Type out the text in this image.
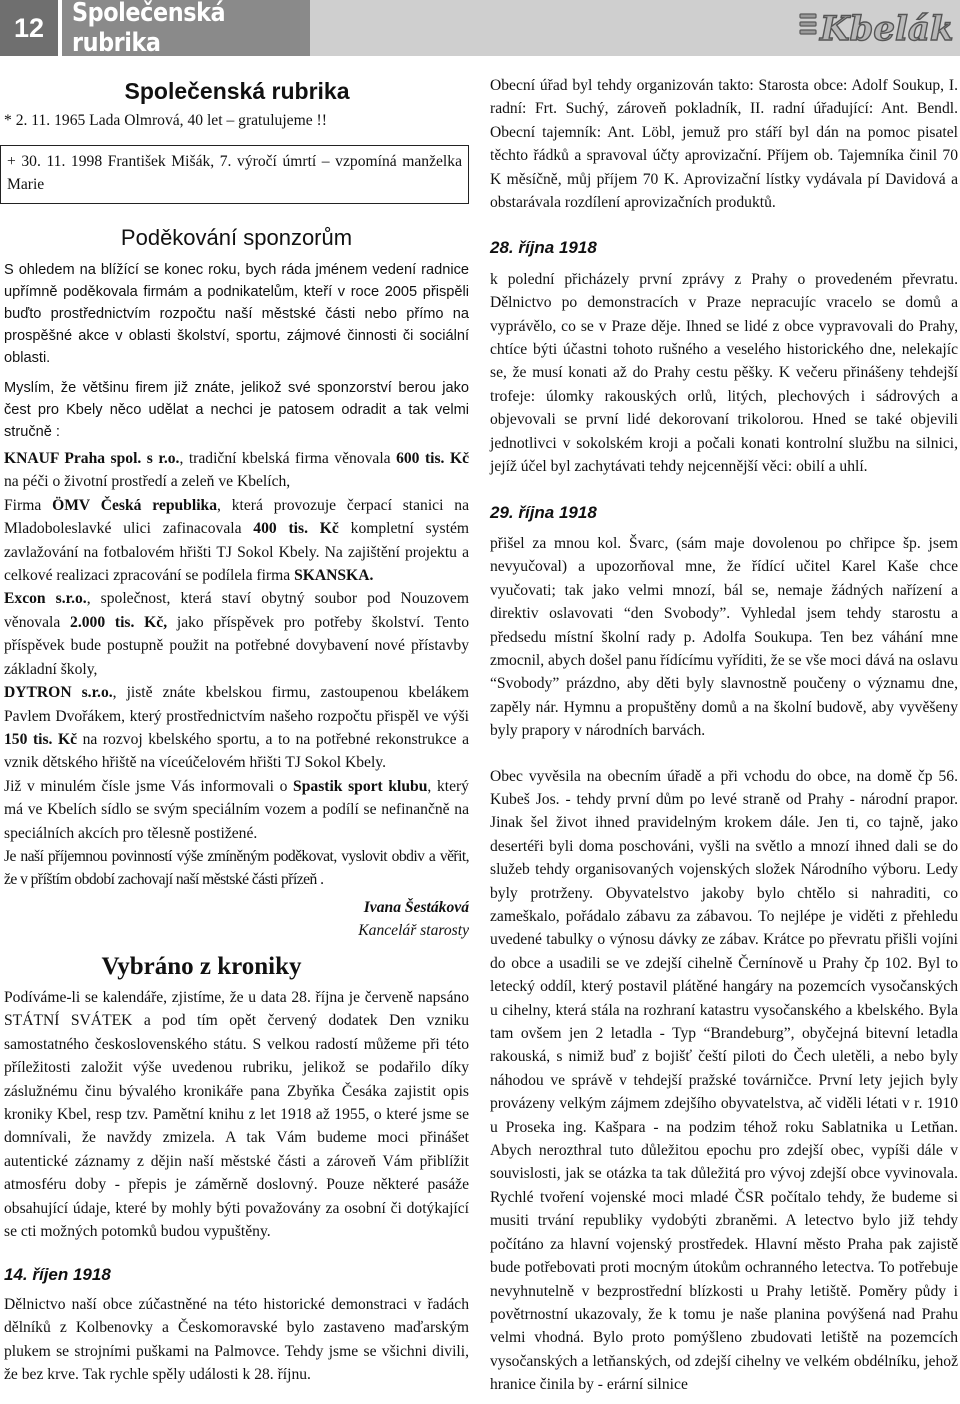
12	Společenská rubrika	Kbelák
Společenská rubrika

* 2. 11. 1965 Lada Olmrová, 40 let – gratulujeme !!

+ 30. 11. 1998 František Mišák, 7. výročí úmrtí – vzpomíná manželka Marie

Poděkování sponzorům

S ohledem na blížící se konec roku, bych ráda jménem vedení radnice upřímně poděkovala firmám a podnikatelům, kteří v roce 2005 přispěli buďto prostřednictvím rozpočtu naší městské části nebo přímo na prospěšné akce v oblasti školství, sportu, zájmové činnosti či sociální oblasti.

Myslím, že většinu firem již znáte, jelikož své sponzorství berou jako čest pro Kbely něco udělat a nechci je patosem odradit a tak velmi stručně :

KNAUF Praha spol. s r.o., tradiční kbelská firma věnovala 600 tis. Kč na péči o životní prostředí a zeleň ve Kbelích,

Firma ÖMV Česká republika, která provozuje čerpací stanici na Mladoboleslavké ulici zafinacovala 400 tis. Kč kompletní systém zavlažování na fotbalovém hřišti TJ Sokol Kbely. Na zajištění projektu a celkové realizaci zpracování se podílela firma SKANSKA.

Excon s.r.o., společnost, která staví obytný soubor pod Nouzovem věnovala 2.000 tis. Kč, jako příspěvek pro potřeby školství. Tento příspěvek bude postupně použit na potřebné dovybavení nové přístavby základní školy,

DYTRON s.r.o., jistě znáte kbelskou firmu, zastoupenou kbelákem Pavlem Dvořákem, který prostřednictvím našeho rozpočtu přispěl ve výši 150 tis. Kč na rozvoj kbelského sportu, a to na potřebné rekonstrukce a vznik dětského hřiště na víceúčelovém hřišti TJ Sokol Kbely.

Již v minulém čísle jsme Vás informovali o Spastik sport klubu, který má ve Kbelích sídlo se svým speciálním vozem a podílí se nefinančně na speciálních akcích pro tělesně postižené.

Je naší příjemnou povinností výše zmíněným poděkovat, vyslovit obdiv a věřit, že v příštím období zachovají naší městské části přízeň .

Ivana Šestáková

Kancelář starosty

Vybráno z kroniky

Podíváme-li se kalendáře, zjistíme, že u data 28. října je červeně napsáno STÁTNÍ SVÁTEK a pod tím opět červený dodatek Den vzniku samostatného československého státu. S velkou radostí můžeme při této příležitosti založit výše uvedenou rubriku, jelikož se podařilo díky záslužnému činu bývalého kronikáře pana Zbyňka Česáka zajistit opis kroniky Kbel, resp tzv. Pamětní knihu z let 1918 až 1955, o které jsme se domnívali, že navždy zmizela. A tak Vám budeme moci přinášet autentické záznamy z dějin naší městské části a zároveň Vám přiblížit atmosféru doby - přepis je záměrně doslovný. Pouze některé pasáže obsahující údaje, které by mohly býti považovány za osobní či dotýkající se cti možných potomků budou vypuštěny.

14. říjen 1918

Dělnictvo naší obce zúčastněné na této historické demonstraci v řadách dělníků z Kolbenovky a Českomoravské bylo zastaveno maďarským plukem se strojními puškami na Palmovce. Tehdy jsme se všichni divili, že bez krve. Tak rychle spěly události k 28. říjnu.

Obecní úřad byl tehdy organizován takto: Starosta obce: Adolf Soukup, I. radní: Frt. Suchý, zároveň pokladník, II. radní úřadující: Ant. Bendl. Obecní tajemník: Ant. Löbl, jemuž pro stáří byl dán na pomoc pisatel těchto řádků a spravoval účty aprovizační. Příjem ob. Tajemníka činil 70 K měsíčně, můj příjem 70 K. Aprovizační lístky vydávala pí Davidová a obstarávala rozdílení aprovizačních produktů.

28. října 1918

k polední přicházely první zprávy z Prahy o provedeném převratu. Dělnictvo po demonstracích v Praze nepracujíc vracelo se domů a vyprávělo, co se v Praze děje. Ihned se lidé z obce vypravovali do Prahy, chtíce býti účastni tohoto rušného a veselého historického dne, nelekajíc se, že musí konati až do Prahy cestu pěšky. K večeru přinášeny tehdejší trofeje: úlomky rakouských orlů, litých, plechových i sádrových a objevovali se první lidé dekorovaní trikolorou. Hned se také objevili jednotlivci v sokolském kroji a počali konati kontrolní službu na silnici, jejíž účel byl zachytávati tehdy nejcennější věci: obilí a uhlí.

29. října 1918

přišel za mnou kol. Švarc, (sám maje dovolenou po chřipce šp. jsem nevyučoval) a upozorňoval mne, že řídící učitel Karel Kaše chce vyučovati; tak jako velmi mnozí, bál se, nemaje žádných nařízení a direktiv oslavovati “den Svobody”. Vyhledal jsem tehdy starostu a předsedu místní školní rady p. Adolfa Soukupa. Ten bez váhání mne zmocnil, abych došel panu řídícímu vyříditi, že se vše moci dává na oslavu “Svobody” prázdno, aby děti byly slavnostně poučeny o významu dne, zapěly nár. Hymnu a propuštěny domů a na školní budově, aby vyvěšeny byly prapory v národních barvách.

Obec vyvěsila na obecním úřadě a při vchodu do obce, na domě čp 56. Kubeš Jos. - tehdy první dům po levé straně od Prahy - národní prapor. Jinak šel život ihned pravidelným krokem dále. Jen ti, co tajně, jako desertéři byli doma poschováni, vyšli na světlo a mnozí ihned dali se do služeb tehdy organisovaných vojenských složek Národního výboru. Ledy byly protrženy. Obyvatelstvo jakoby bylo chtělo si nahraditi, co zameškalo, pořádalo zábavu za zábavou. To nejlépe je viděti z přehledu uvedené tabulky o výnosu dávky ze zábav. Krátce po převratu přišli vojíni do obce a usadili se ve zdejší cihelně Černínově u Prahy čp 102. Byl to letecký oddíl, který postavil plátěné hangáry na pozemcích vysočanských u cihelny, která stála na rozhraní katastru vysočanského a kbelského. Byla tam ovšem jen 2 letadla - Typ “Brandeburg”, obyčejná bitevní letadla rakouská, s nimiž buď z bojišť čeští piloti do Čech uletěli, a nebo byly náhodou ve správě v tehdejší pražské továrničce. První lety jejich byly provázeny velkým zájmem zdejšího obyvatelstva, ač viděli létati v r. 1910 u Proseka ing. Kašpara - na podzim téhož roku Sablatnika u Letňan. Abych nerozthral tuto důležitou epochu pro zdejší obec, vypíši dále v souvislosti, jak se otázka ta tak důležitá pro vývoj zdejší obce vyvinovala. Rychlé tvoření vojenské moci mladé ČSR počítalo tehdy, že budeme si musiti trvání republiky vydobýti zbraněmi. A letectvo bylo již tehdy počítáno za hlavní vojenský prostředek. Hlavní město Praha pak zajistě bude potřebovati proti mocným útokům ochranného letectva. To potřebuje nevyhnutelně v bezprostřední blízkosti u Prahy letiště. Poměry půdy i povětrnostní ukazovaly, že k tomu je naše planina povýšená nad Prahu velmi vhodná. Bylo proto pomýšleno zbudovati letiště na pozemcích vysočanských a letňanských, od zdejší cihelny ve velkém obdélníku, jehož hranice činila by - erární silnice
